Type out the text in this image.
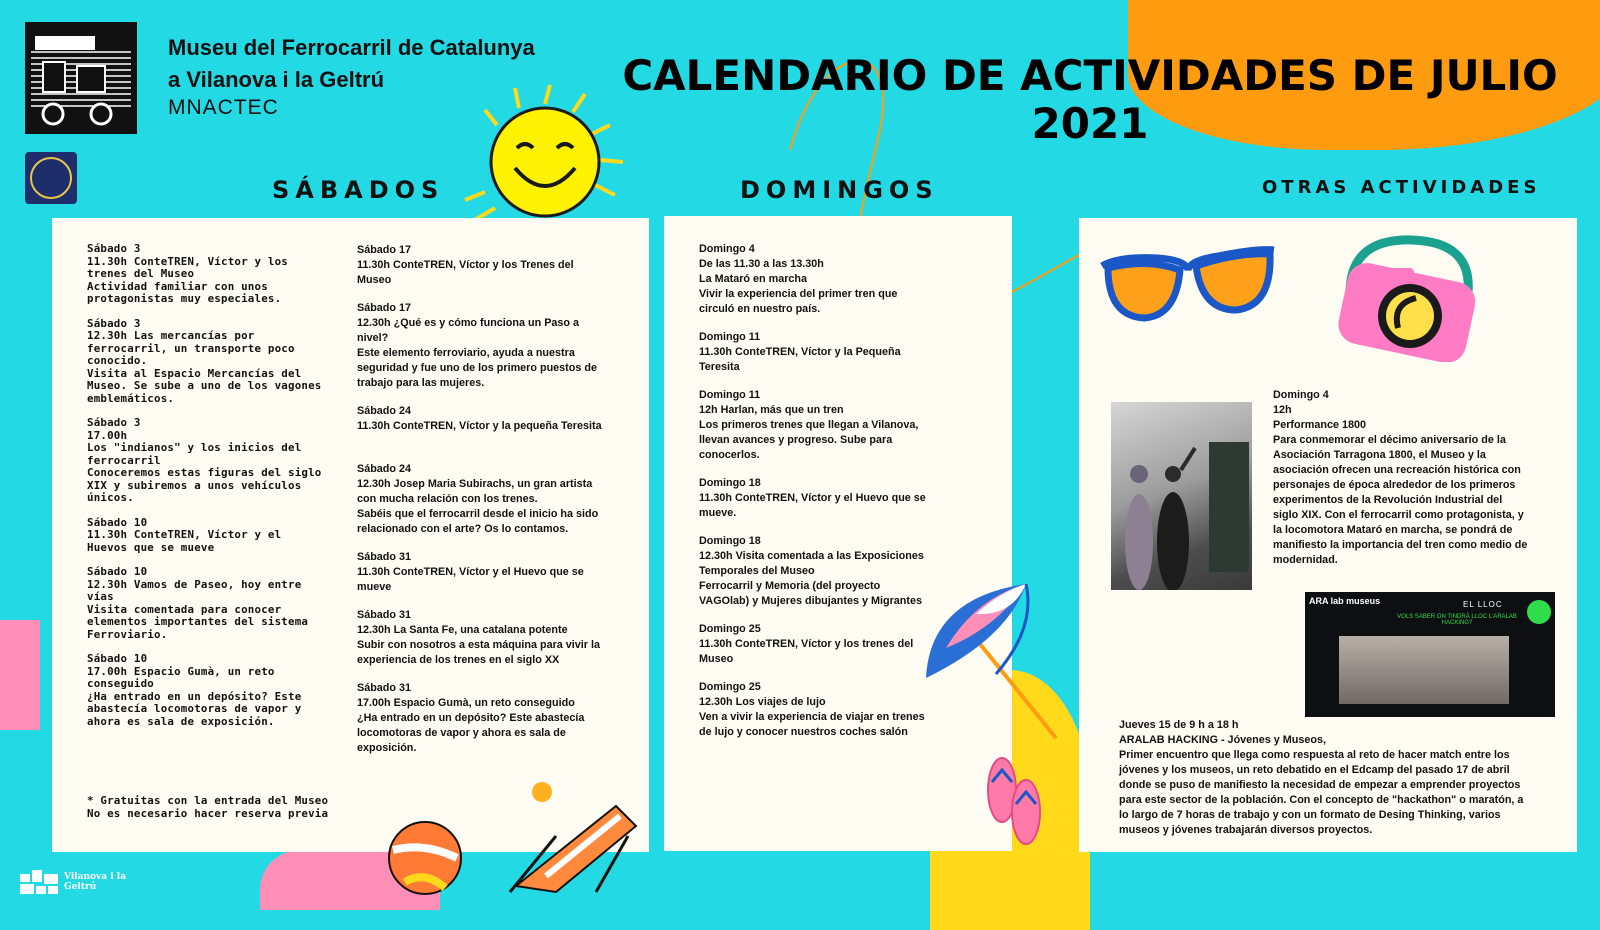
Museu del Ferrocarril de Catalunya
a Vilanova i la Geltrú
MNACTEC
CALENDARIO DE ACTIVIDADES DE JULIO
2021
SÁBADOS	DOMINGOS	OTRAS ACTIVIDADES
Sábado 3
11.30h ConteTREN, Víctor y los
trenes del Museo
Actividad familiar con unos
protagonistas muy especiales.
Sábado 3
12.30h Las mercancías por
ferrocarril, un transporte poco
conocido.
Visita al Espacio Mercancías del
Museo. Se sube a uno de los vagones
emblemáticos.
Sábado 3
17.00h
Los "indianos" y los inicios del
ferrocarril
Conoceremos estas figuras del siglo
XIX y subiremos a unos vehículos
únicos.
Sábado 10
11.30h ConteTREN, Víctor y el
Huevos que se mueve
Sábado 10
12.30h Vamos de Paseo, hoy entre
vías
Visita comentada para conocer
elementos importantes del sistema
Ferroviario.
Sábado 10
17.00h Espacio Gumà, un reto
conseguido
¿Ha entrado en un depósito? Este
abastecía locomotoras de vapor y
ahora es sala de exposición.
* Gratuitas con la entrada del Museo
No es necesario hacer reserva previa
Sábado 17
11.30h ConteTREN, Víctor y los Trenes del
Museo
Sábado 17
12.30h ¿Qué es y cómo funciona un Paso a
nivel?
Este elemento ferroviario, ayuda a nuestra
seguridad y fue uno de los primero puestos de
trabajo para las mujeres.
Sábado 24
11.30h ConteTREN, Víctor y la pequeña Teresita
Sábado 24
12.30h Josep Maria Subirachs, un gran artista
con mucha relación con los trenes.
Sabéis que el ferrocarril desde el inicio ha sido
relacionado con el arte? Os lo contamos.
Sábado 31
11.30h ConteTREN, Víctor y el Huevo que se
mueve
Sábado 31
12.30h La Santa Fe, una catalana potente
Subir con nosotros a esta máquina para vivir la
experiencia de los trenes en el siglo XX
Sábado 31
17.00h Espacio Gumà, un reto conseguido
¿Ha entrado en un depósito? Este abastecía
locomotoras de vapor y ahora es sala de
exposición.
Domingo 4
De las 11.30 a las 13.30h
La Mataró en marcha
Vivir la experiencia del primer tren que
circuló en nuestro país.
Domingo 11
11.30h ConteTREN, Víctor y la Pequeña
Teresita
Domingo 11
12h Harlan, más que un tren
Los primeros trenes que llegan a Vilanova,
llevan avances y progreso. Sube para
conocerlos.
Domingo 18
11.30h ConteTREN, Víctor y el Huevo que se
mueve.
Domingo 18
12.30h Visita comentada a las Exposiciones
Temporales del Museo
Ferrocarril y Memoria (del proyecto
VAGOlab) y Mujeres dibujantes y Migrantes
Domingo 25
11.30h ConteTREN, Víctor y los trenes del
Museo
Domingo 25
12.30h Los viajes de lujo
Ven a vivir la experiencia de viajar en trenes
de lujo y conocer nuestros coches salón
Domingo 4
12h
Performance 1800
Para conmemorar el décimo aniversario de la
Asociación Tarragona 1800, el Museo y la
asociación ofrecen una recreación histórica con
personajes de época alrededor de los primeros
experimentos de la Revolución Industrial del
siglo XIX. Con el ferrocarril como protagonista, y
la locomotora Mataró en marcha, se pondrá de
manifiesto la importancia del tren como medio de
modernidad.
ARA lab museus	EL LLOC
VOLS SABER ON TINDRÀ LLOC L'ARALAB HACKING?
Jueves 15 de 9 h a 18 h
ARALAB HACKING - Jóvenes y Museos,
Primer encuentro que llega como respuesta al reto de hacer match entre los
jóvenes y los museos, un reto debatido en el Edcamp del pasado 17 de abril
donde se puso de manifiesto la necesidad de empezar a emprender proyectos
para este sector de la población. Con el concepto de "hackathon" o maratón, a
lo largo de 7 horas de trabajo y con un formato de Desing Thinking, varios
museos y jóvenes trabajarán diversos proyectos.
Vilanova i la Geltrú
